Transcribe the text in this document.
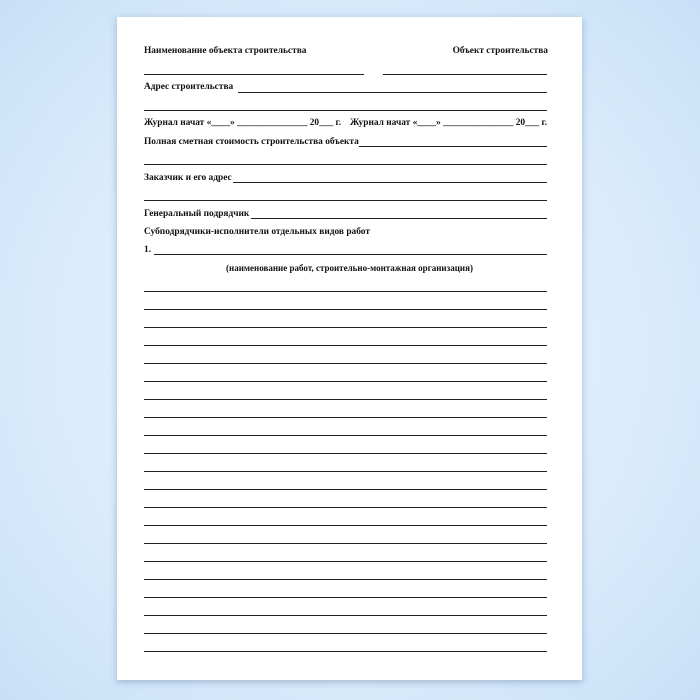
Наименование объекта строительства	Объект строительства
Адрес строительства
Журнал начат «____» _______________ 20___ г. Журнал начат «____» _______________ 20___ г.
Полная сметная стоимость строительства объекта
Заказчик и его адрес
Генеральный подрядчик
Субподрядчики-исполнители отдельных видов работ
1.
(наименование работ, строительно-монтажная организация)
